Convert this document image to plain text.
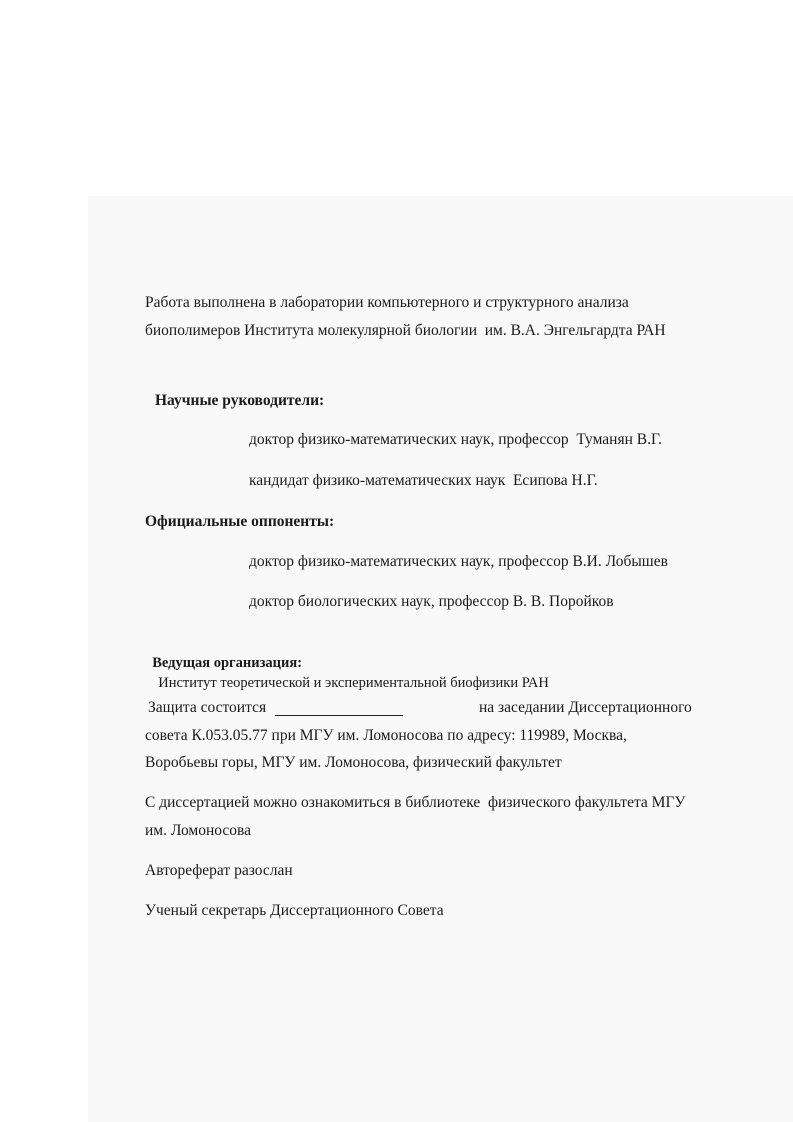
Работа выполнена в лаборатории компьютерного и структурного анализа
биополимеров Института молекулярной биологии  им. В.А. Энгельгардта РАН
Научные руководители:
доктор физико-математических наук, профессор  Туманян В.Г.
кандидат физико-математических наук  Есипова Н.Г.
Официальные оппоненты:
доктор физико-математических наук, профессор В.И. Лобышев
доктор биологических наук, профессор В. В. Поройков

Ведущая организация:
Институт теоретической и экспериментальной биофизики РАН

Защита состоится	на заседании Диссертационного
совета К.053.05.77 при МГУ им. Ломоносова по адресу: 119989, Москва,
Воробьевы горы, МГУ им. Ломоносова, физический факультет
С диссертацией можно ознакомиться в библиотеке  физического факультета МГУ
им. Ломоносова
Автореферат разослан
Ученый секретарь Диссертационного Совета
